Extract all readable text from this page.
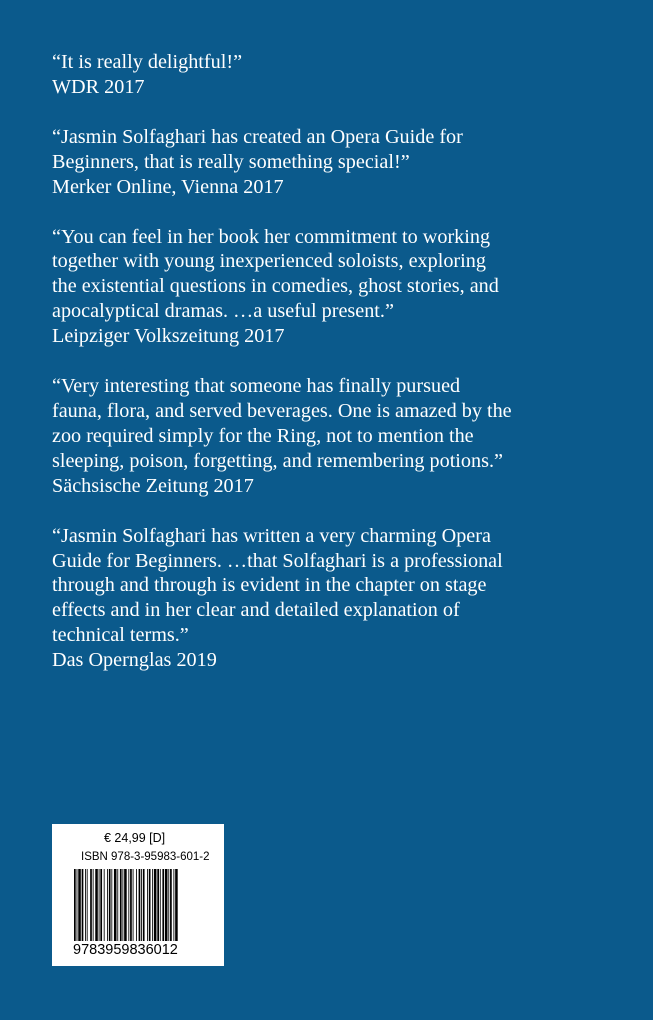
“It is really delightful!”
WDR 2017
“Jasmin Solfaghari has created an Opera Guide for
Beginners, that is really something special!”
Merker Online, Vienna 2017
“You can feel in her book her commitment to working
together with young inexperienced soloists, exploring
the existential questions in comedies, ghost stories, and
apocalyptical dramas. …a useful present.”
Leipziger Volkszeitung 2017
“Very interesting that someone has finally pursued
fauna, flora, and served beverages. One is amazed by the
zoo required simply for the Ring, not to mention the
sleeping, poison, forgetting, and remembering potions.”
Sächsische Zeitung 2017
“Jasmin Solfaghari has written a very charming Opera
Guide for Beginners. …that Solfaghari is a professional
through and through is evident in the chapter on stage
effects and in her clear and detailed explanation of
technical terms.”
Das Opernglas 2019
€ 24,99 [D]
ISBN 978-3-95983-601-2
9783959836012
